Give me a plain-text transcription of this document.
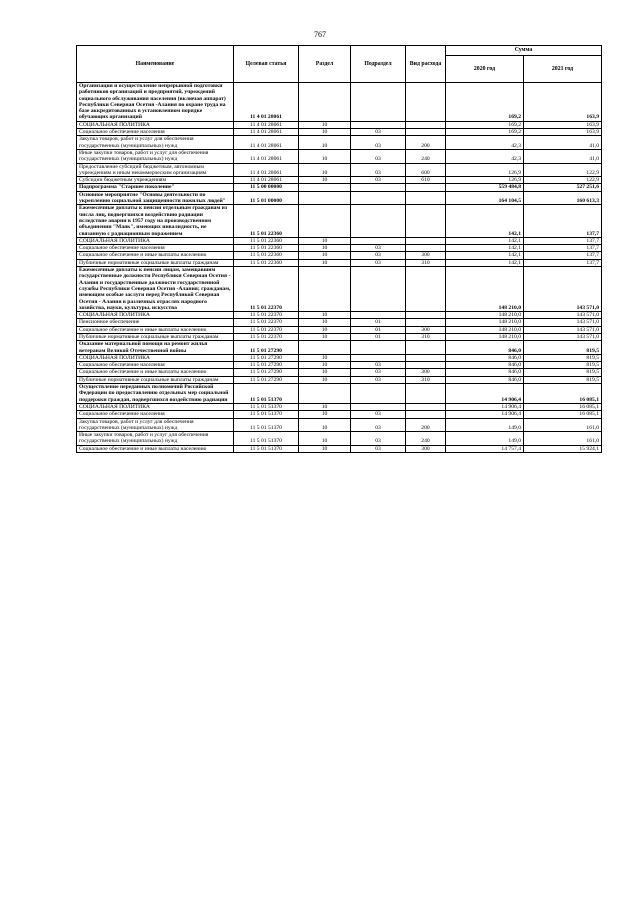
767
Наименование	Целевая статья	Раздел	Подраздел	Вид расхода	Сумма	
					2020 год	2021 год
Организация и осуществление непрерывной подготовки работников организаций и предприятий, учреждений социального обслуживания населения (включая аппарат) Республики Северная Осетия -Алания по охране труда на базе аккредитованных в установленном порядке обучающих организаций	11 4 01 28061				169,2	163,9
СОЦИАЛЬНАЯ ПОЛИТИКА	11 4 01 28061	10			169,2	163,9
Социальное обеспечение населения	11 4 01 28061	10	03		169,2	163,9
Закупка товаров, работ и услуг для обеспечения государственных (муниципальных) нужд	11 4 01 28061	10	03	200	42,3	41,0
Иные закупки товаров, работ и услуг для обеспечения государственных (муниципальных) нужд	11 4 01 28061	10	03	240	42,3	41,0
Предоставление субсидий бюджетным, автономным учреждениям и иным некоммерческим организациям	11 4 01 28061	10	03	600	126,9	122,9
Субсидии бюджетным учреждениям	11 4 01 28061	10	03	610	126,9	122,9
Подпрограмма "Старшее поколение"	11 5 00 00000				559 484,8	527 251,6
Основное мероприятие "Основы деятельности по укреплению социальной защищенности пожилых людей"	11 5 01 00000				164 104,5	160 613,3
Ежемесячные доплаты к пенсии отдельным гражданам из числа лиц, подвергшихся воздействию радиации вследствие аварии в 1957 году на производственном объединении "Маяк", имеющих инвалидность, не связанную с радиационным поражением	11 5 01 22360				142,1	137,7
СОЦИАЛЬНАЯ ПОЛИТИКА	11 5 01 22360	10			142,1	137,7
Социальное обеспечение населения	11 5 01 22360	10	03		142,1	137,7
Социальное обеспечение и иные выплаты населению	11 5 01 22360	10	03	300	142,1	137,7
Публичные нормативные социальные выплаты гражданам	11 5 01 22360	10	03	310	142,1	137,7
Ежемесячные доплаты к пенсии лицам, замещавшим государственные должности Республики Северная Осетия - Алания и государственные должности государственной службы Республики Северная Осетия -Алания; гражданам, имеющим особые заслуги перед Республикой Северная Осетия - Алания в различных отраслях народного хозяйства, науки, культуры, искусства	11 5 01 22370				148 210,0	143 571,0
СОЦИАЛЬНАЯ ПОЛИТИКА	11 5 01 22370	10			148 210,0	143 571,0
Пенсионное обеспечение	11 5 01 22370	10	01		148 210,0	143 571,0
Социальное обеспечение и иные выплаты населению	11 5 01 22370	10	01	300	148 210,0	143 571,0
Публичные нормативные социальные выплаты гражданам	11 5 01 22370	10	01	310	148 210,0	143 571,0
Оказание материальной помощи на ремонт жилья ветеранам Великой Отечественной войны	11 5 01 27290				846,0	819,5
СОЦИАЛЬНАЯ ПОЛИТИКА	11 5 01 27290	10			846,0	819,5
Социальное обеспечение населения	11 5 01 27290	10	03		846,0	819,5
Социальное обеспечение и иные выплаты населению	11 5 01 27290	10	03	300	846,0	819,5
Публичные нормативные социальные выплаты гражданам	11 5 01 27290	10	03	310	846,0	819,5
Осуществление переданных полномочий Российской Федерации по предоставлению отдельных мер социальной поддержки граждан, подвергшихся воздействию радиации	11 5 01 51370				14 906,4	16 085,1
СОЦИАЛЬНАЯ ПОЛИТИКА	11 5 01 51370	10			14 906,4	16 085,1
Социальное обеспечение населения	11 5 01 51370	10	03		14 906,4	16 085,1
Закупка товаров, работ и услуг для обеспечения государственных (муниципальных) нужд	11 5 01 51370	10	03	200	149,0	161,0
Иные закупки товаров, работ и услуг для обеспечения государственных (муниципальных) нужд	11 5 01 51370	10	03	240	149,0	161,0
Социальное обеспечение и иные выплаты населению	11 5 01 51370	10	03	300	14 757,4	15 924,1
